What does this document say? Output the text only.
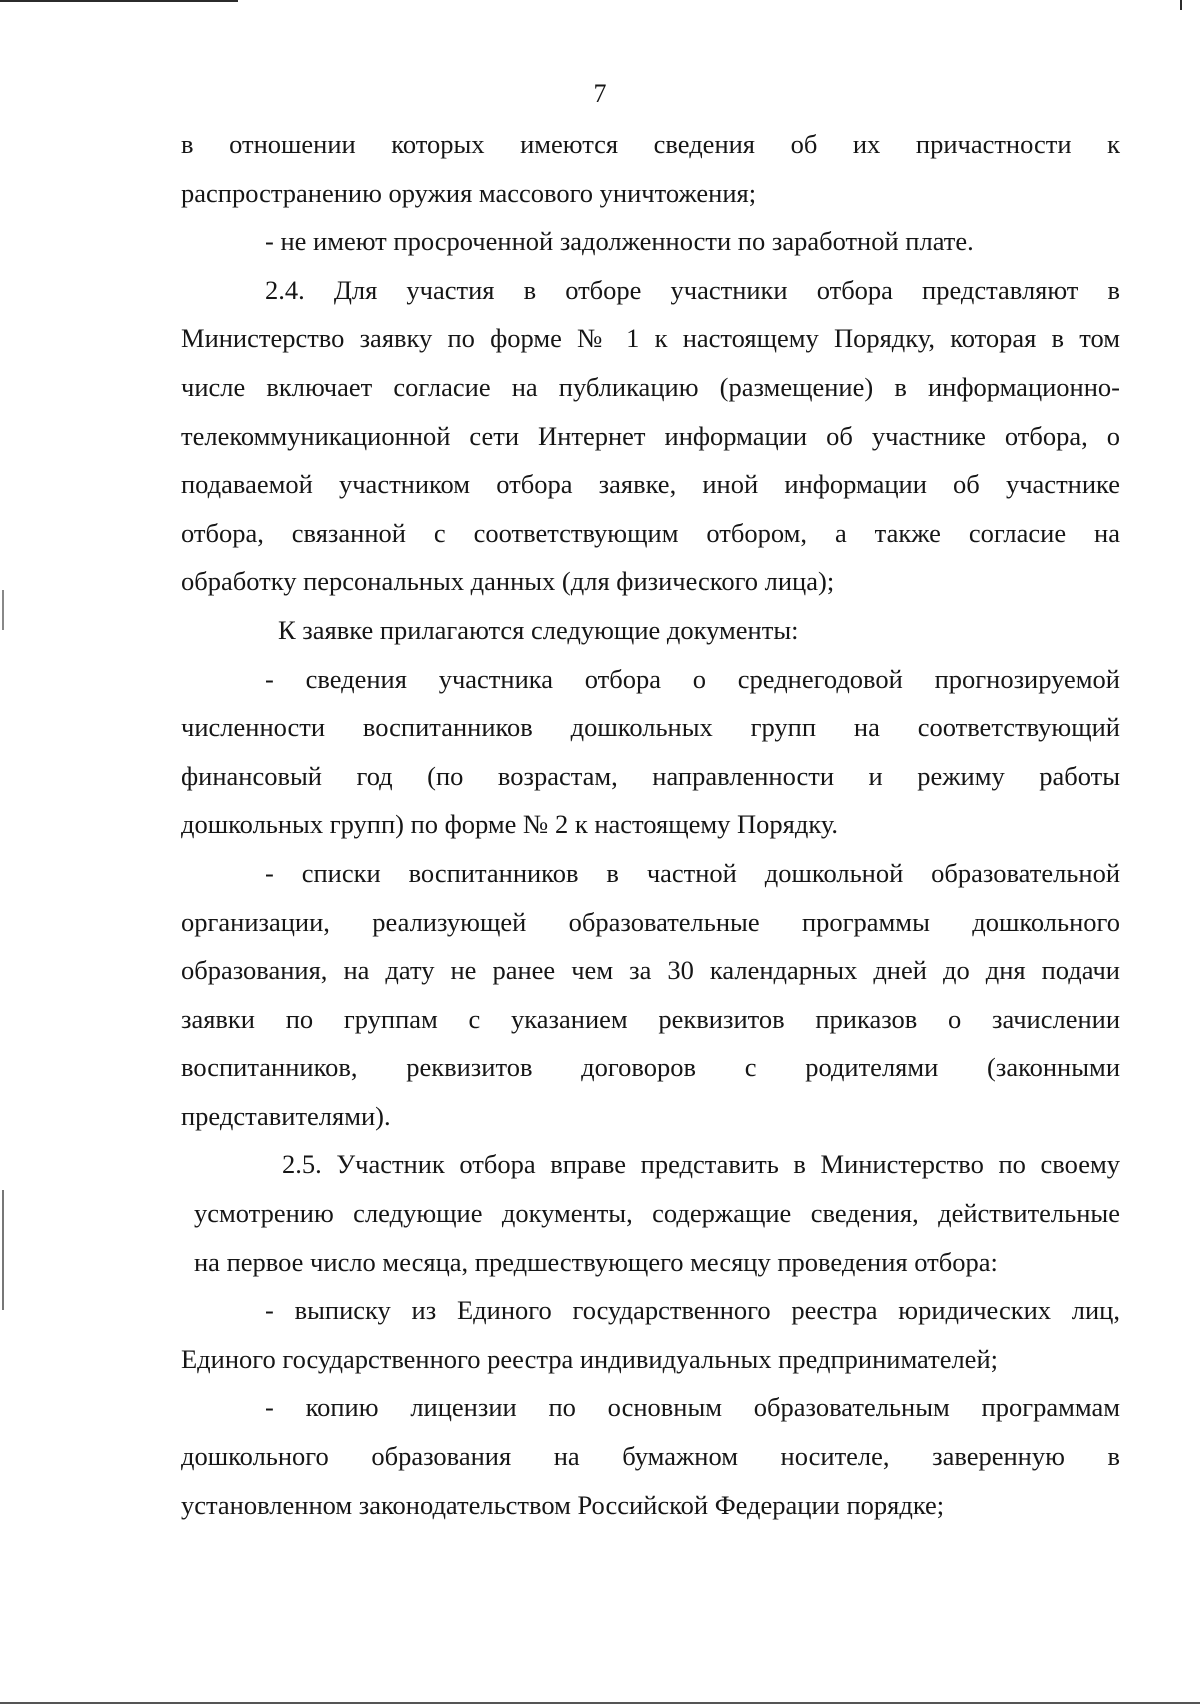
7

в отношении которых имеются сведения об их причастности к
распространению оружия массового уничтожения;

- не имеют просроченной задолженности по заработной плате.

2.4. Для участия в отборе участники отбора представляют в
Министерство заявку по форме № 1 к настоящему Порядку, которая в том
числе включает согласие на публикацию (размещение) в информационно-
телекоммуникационной сети Интернет информации об участнике отбора, о
подаваемой участником отбора заявке, иной информации об участнике
отбора, связанной с соответствующим отбором, а также согласие на
обработку персональных данных (для физического лица);

К заявке прилагаются следующие документы:

- сведения участника отбора о среднегодовой прогнозируемой
численности воспитанников дошкольных групп на соответствующий
финансовый год (по возрастам, направленности и режиму работы
дошкольных групп) по форме № 2 к настоящему Порядку.

- списки воспитанников в частной дошкольной образовательной
организации, реализующей образовательные программы дошкольного
образования, на дату не ранее чем за 30 календарных дней до дня подачи
заявки по группам с указанием реквизитов приказов о зачислении
воспитанников, реквизитов договоров с родителями (законными
представителями).

2.5. Участник отбора вправе представить в Министерство по своему
усмотрению следующие документы, содержащие сведения, действительные
на первое число месяца, предшествующего месяцу проведения отбора:

- выписку из Единого государственного реестра юридических лиц,
Единого государственного реестра индивидуальных предпринимателей;

- копию лицензии по основным образовательным программам
дошкольного образования на бумажном носителе, заверенную в
установленном законодательством Российской Федерации порядке;
